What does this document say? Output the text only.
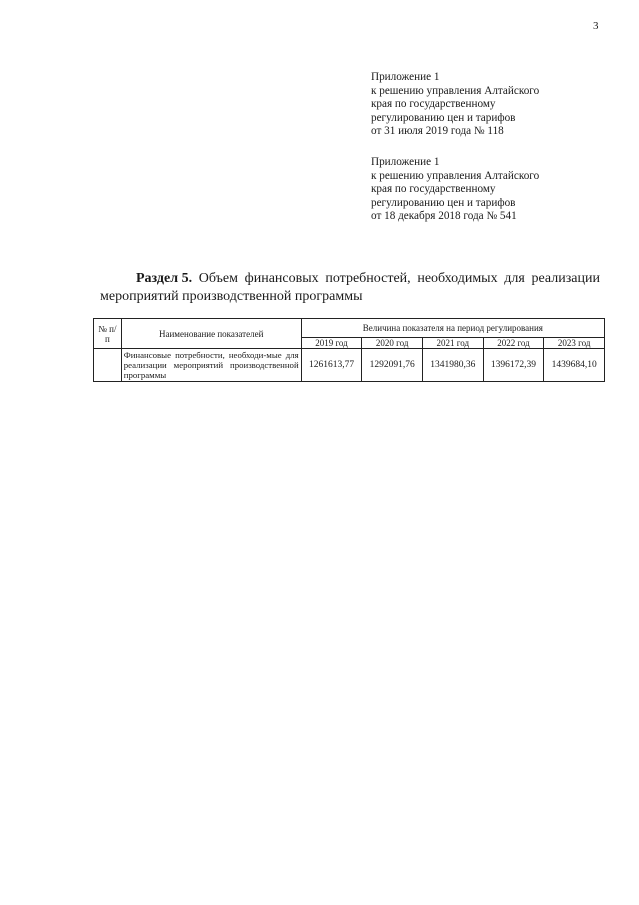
3
Приложение 1
к решению управления Алтайского
края по государственному
регулированию цен и тарифов
от 31 июля 2019 года № 118
Приложение 1
к решению управления Алтайского
края по государственному
регулированию цен и тарифов
от 18 декабря 2018 года № 541
Раздел 5. Объем финансовых потребностей, необходимых для реализации
мероприятий производственной программы
№ п/п	Наименование показателей	Величина показателя на период регулирования				
		2019 год	2020 год	2021 год	2022 год	2023 год
	Финансовые потребности, необходи-мые для реализации мероприятий производственной программы	1261613,77	1292091,76	1341980,36	1396172,39	1439684,10
